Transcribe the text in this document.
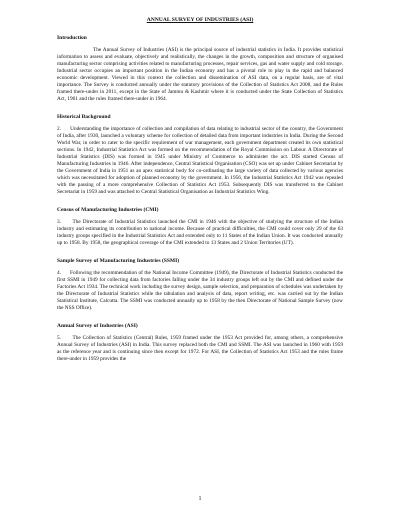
ANNUAL SURVEY OF INDUSTRIES (ASI)
Introduction
The Annual Survey of Industries (ASI) is the principal source of industrial statistics in India. It provides statistical information to assess and evaluate, objectively and realistically, the changes in the growth, composition and structure of organised manufacturing sector comprising activities related to manufacturing processes, repair services, gas and water supply and cold storage. Industrial sector occupies an important position in the Indian economy and has a pivotal role to play in the rapid and balanced economic development. Viewed in this context the collection and dissemination of ASI data, on a regular basis, are of vital importance. The Survey is conducted annually under the statutory provisions of the Collection of Statistics Act 2008, and the Rules framed there-under in 2011, except in the State of Jammu & Kashmir where it is conducted under the State Collection of Statistics Act, 1961 and the rules framed there-under in 1964.
Historical Background
2.      Understanding the importance of collection and compilation of data relating to industrial sector of the country, the Government of India, after 1930, launched a voluntary scheme for collection of detailed data from important industries in India. During the Second World War, in order to cater to the specific requirement of war management, each government department created its own statistical sections. In 1942, Industrial Statistics Act was formed on the recommendation of the Royal Commission on Labour. A Directorate of Industrial Statistics (DIS) was formed in 1945 under Ministry of Commerce to administer the act. DIS started Census of Manufacturing Industries in 1946. After independence, Central Statistical Organisation (CSO) was set up under Cabinet Secretariat by the Government of India in 1951 as an apex statistical body for co-ordinating the large variety of data collected by various agencies which was necessitated for adoption of planned economy by the government. In 1956, the Industrial Statistics Act 1942 was repealed with the passing of a more comprehensive Collection of Statistics Act 1953. Subsequently DIS was transferred to the Cabinet Secretariat in 1959 and was attached to Central Statistical Organisation as Industrial Statistics Wing.
Census of Manufacturing Industries (CMI)
3.      The Directorate of Industrial Statistics launched the CMI in 1946 with the objective of studying the structure of the Indian industry and estimating its contribution to national income. Because of practical difficulties, the CMI could cover only 29 of the 63 industry groups specified in the Industrial Statistics Act and extended only to 11 States of the Indian Union. It was conducted annually up to 1958. By 1958, the geographical coverage of the CMI extended to 13 States and 2 Union Territories (UT).
Sample Survey of Manufacturing Industries (SSMI)
4.      Following the recommendation of the National Income Committee (1949), the Directorate of Industrial Statistics conducted the first SSMI in 1949 for collecting data from factories falling under the 34 industry groups left out by the CMI and defined under the Factories Act 1934. The technical work including the survey design, sample selection, and preparation of schedules was undertaken by the Directorate of Industrial Statistics while the tabulation and analysis of data, report writing, etc. was carried out by the Indian Statistical Institute, Calcutta. The SSMI was conducted annually up to 1958 by the then Directorate of National Sample Survey (now the NSS Office).
Annual Survey of Industries (ASI)
5.      The Collection of Statistics (Central) Rules, 1959 framed under the 1953 Act provided for, among others, a comprehensive Annual Survey of Industries (ASI) in India. This survey replaced both the CMI and SSMI. The ASI was launched in 1960 with 1959 as the reference year and is continuing since then except for 1972. For ASI, the Collection of Statistics Act 1953 and the rules frame there-under in 1959 provides the
1
